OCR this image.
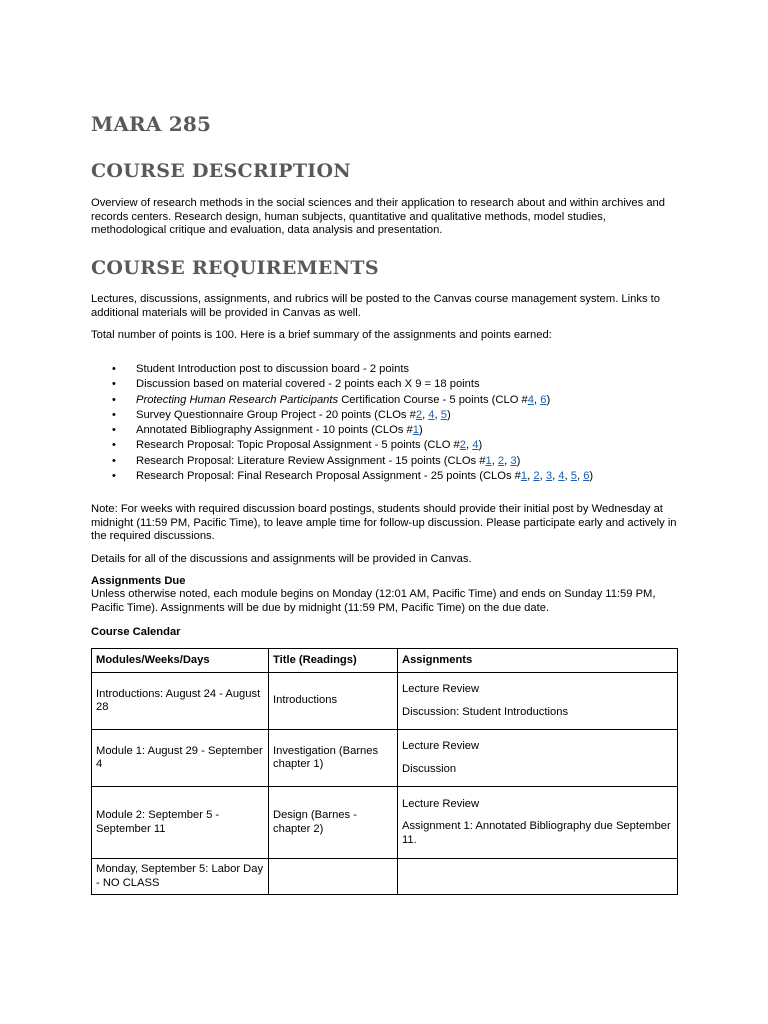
MARA 285
COURSE DESCRIPTION

Overview of research methods in the social sciences and their application to research about and within archives and records centers. Research design, human subjects, quantitative and qualitative methods, model studies, methodological critique and evaluation, data analysis and presentation.

COURSE REQUIREMENTS

Lectures, discussions, assignments, and rubrics will be posted to the Canvas course management system. Links to additional materials will be provided in Canvas as well.

Total number of points is 100. Here is a brief summary of the assignments and points earned:

• Student Introduction post to discussion board - 2 points
• Discussion based on material covered - 2 points each X 9 = 18 points
• Protecting Human Research Participants Certification Course - 5 points (CLO #4, 6)
• Survey Questionnaire Group Project - 20 points (CLOs #2, 4, 5)
• Annotated Bibliography Assignment - 10 points (CLOs #1)
• Research Proposal: Topic Proposal Assignment - 5 points (CLO #2, 4)
• Research Proposal: Literature Review Assignment - 15 points (CLOs #1, 2, 3)
• Research Proposal: Final Research Proposal Assignment - 25 points (CLOs #1, 2, 3, 4, 5, 6)

Note: For weeks with required discussion board postings, students should provide their initial post by Wednesday at midnight (11:59 PM, Pacific Time), to leave ample time for follow-up discussion. Please participate early and actively in the required discussions.

Details for all of the discussions and assignments will be provided in Canvas.

Assignments Due

Unless otherwise noted, each module begins on Monday (12:01 AM, Pacific Time) and ends on Sunday 11:59 PM, Pacific Time). Assignments will be due by midnight (11:59 PM, Pacific Time) on the due date.

Course Calendar

Modules/Weeks/Days	Title (Readings)	Assignments
Introductions: August 24 - August 28	Introductions	Lecture Review
Discussion: Student Introductions

Module 1: August 29 - September 4	Investigation (Barnes chapter 1)	Lecture Review
Discussion

Module 2: September 5 - September 11	Design (Barnes - chapter 2)	Lecture Review
Assignment 1: Annotated Bibliography due September 11.

Monday, September 5: Labor Day - NO CLASS		
